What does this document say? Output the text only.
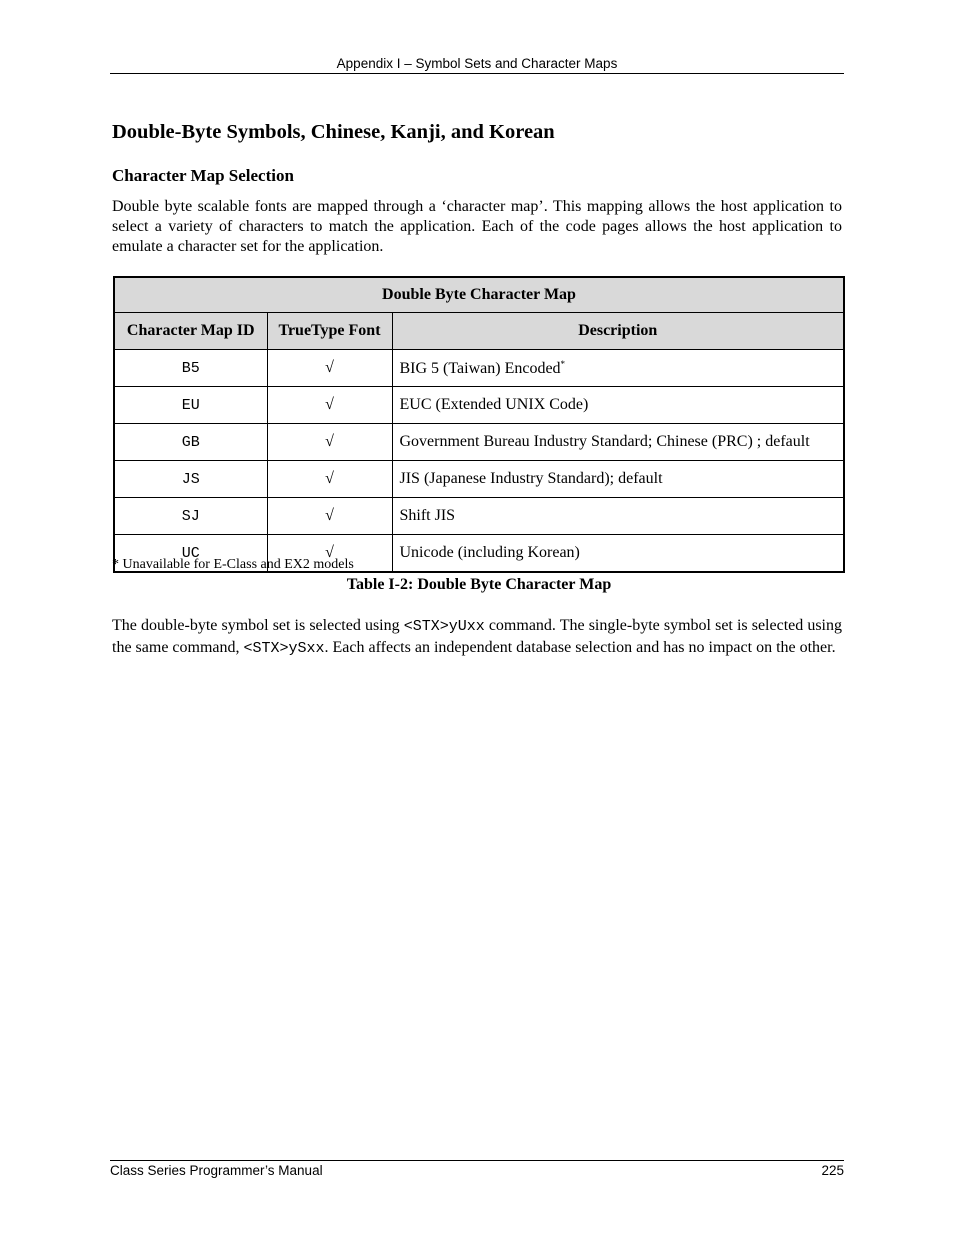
Appendix I – Symbol Sets and Character Maps
Double-Byte Symbols, Chinese, Kanji, and Korean
Character Map Selection

Double byte scalable fonts are mapped through a ‘character map’. This mapping allows the host application to select a variety of characters to match the application. Each of the code pages allows the host application to emulate a character set for the application.

Double Byte Character Map		
Character Map ID	TrueType Font	Description
B5	√	BIG 5 (Taiwan) Encoded*
EU	√	EUC (Extended UNIX Code)
GB	√	Government Bureau Industry Standard; Chinese (PRC) ; default
JS	√	JIS (Japanese Industry Standard); default
SJ	√	Shift JIS
UC	√	Unicode (including Korean)
* Unavailable for E-Class and EX2 models
Table I-2: Double Byte Character Map

The double-byte symbol set is selected using <STX>yUxx command. The single-byte symbol set is selected using the same command, <STX>ySxx. Each affects an independent database selection and has no impact on the other.

Class Series Programmer’s Manual	225
